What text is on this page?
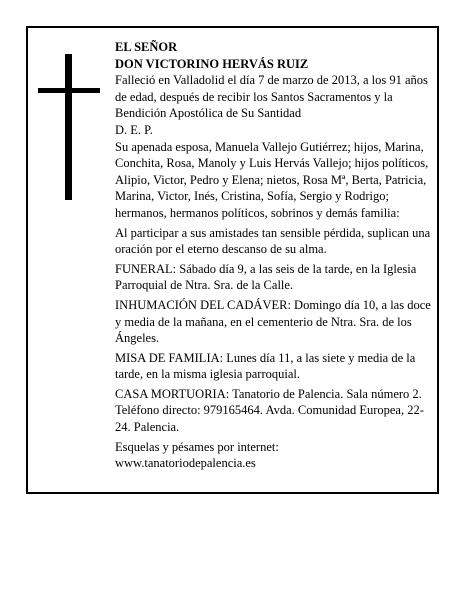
EL SEÑOR

DON VICTORINO HERVÁS RUIZ

Falleció en Valladolid el día 7 de marzo de 2013, a los 91 años de edad, después de recibir los Santos Sacramentos y la Bendición Apostólica de Su Santidad

D. E. P.

Su apenada esposa, Manuela Vallejo Gutiérrez; hijos, Marina, Conchita, Rosa, Manoly y Luis Hervás Vallejo; hijos políticos, Alipio, Victor, Pedro y Elena; nietos, Rosa Mª, Berta, Patricia, Marina, Victor, Inés, Cristina, Sofía, Sergio y Rodrigo; hermanos, hermanos políticos, sobrinos y demás familia:

Al participar a sus amistades tan sensible pérdida, suplican una oración por el eterno descanso de su alma.

FUNERAL: Sábado día 9, a las seis de la tarde, en la Iglesia Parroquial de Ntra. Sra. de la Calle.

INHUMACIÓN DEL CADÁVER: Domingo día 10, a las doce y media de la mañana, en el cementerio de Ntra. Sra. de los Ángeles.

MISA DE FAMILIA: Lunes día 11, a las siete y media de la tarde, en la misma iglesia parroquial.

CASA MORTUORIA: Tanatorio de Palencia. Sala número 2. Teléfono directo: 979165464. Avda. Comunidad Europea, 22-24. Palencia.

Esquelas y pésames por internet:

www.tanatoriodepalencia.es
